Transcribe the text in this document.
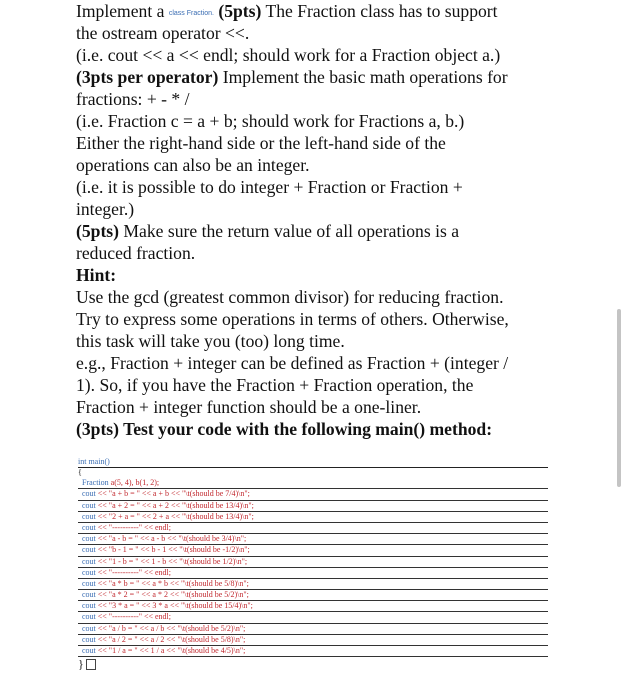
Implement a class Fraction. (5pts) The Fraction class has to support
the ostream operator <<.
(i.e. cout << a << endl; should work for a Fraction object a.)
(3pts per operator) Implement the basic math operations for
fractions: + - * /
(i.e. Fraction c = a + b; should work for Fractions a, b.)
Either the right-hand side or the left-hand side of the
operations can also be an integer.
(i.e. it is possible to do integer + Fraction or Fraction +
integer.)
(5pts) Make sure the return value of all operations is a
reduced fraction.
Hint:
Use the gcd (greatest common divisor) for reducing fraction.
Try to express some operations in terms of others. Otherwise,
this task will take you (too) long time.
e.g., Fraction + integer can be defined as Fraction + (integer /
1). So, if you have the Fraction + Fraction operation, the
Fraction + integer function should be a one-liner.
(3pts) Test your code with the following main() method:
int main()
{
Fraction a(5, 4), b(1, 2);
cout << "a + b = " << a + b << "\t(should be 7/4)\n";
cout << "a + 2 = " << a + 2 << "\t(should be 13/4)\n";
cout << "2 + a = " << 2 + a << "\t(should be 13/4)\n";
cout << "----------" << endl;
cout << "a - b = " << a - b << "\t(should be 3/4)\n";
cout << "b - 1 = " << b - 1 << "\t(should be -1/2)\n";
cout << "1 - b = " << 1 - b << "\t(should be 1/2)\n";
cout << "----------" << endl;
cout << "a * b = " << a * b << "\t(should be 5/8)\n";
cout << "a * 2 = " << a * 2 << "\t(should be 5/2)\n";
cout << "3 * a = " << 3 * a << "\t(should be 15/4)\n";
cout << "----------" << endl;
cout << "a / b = " << a / b << "\t(should be 5/2)\n";
cout << "a / 2 = " << a / 2 << "\t(should be 5/8)\n";
cout << "1 / a = " << 1 / a << "\t(should be 4/5)\n";
}
